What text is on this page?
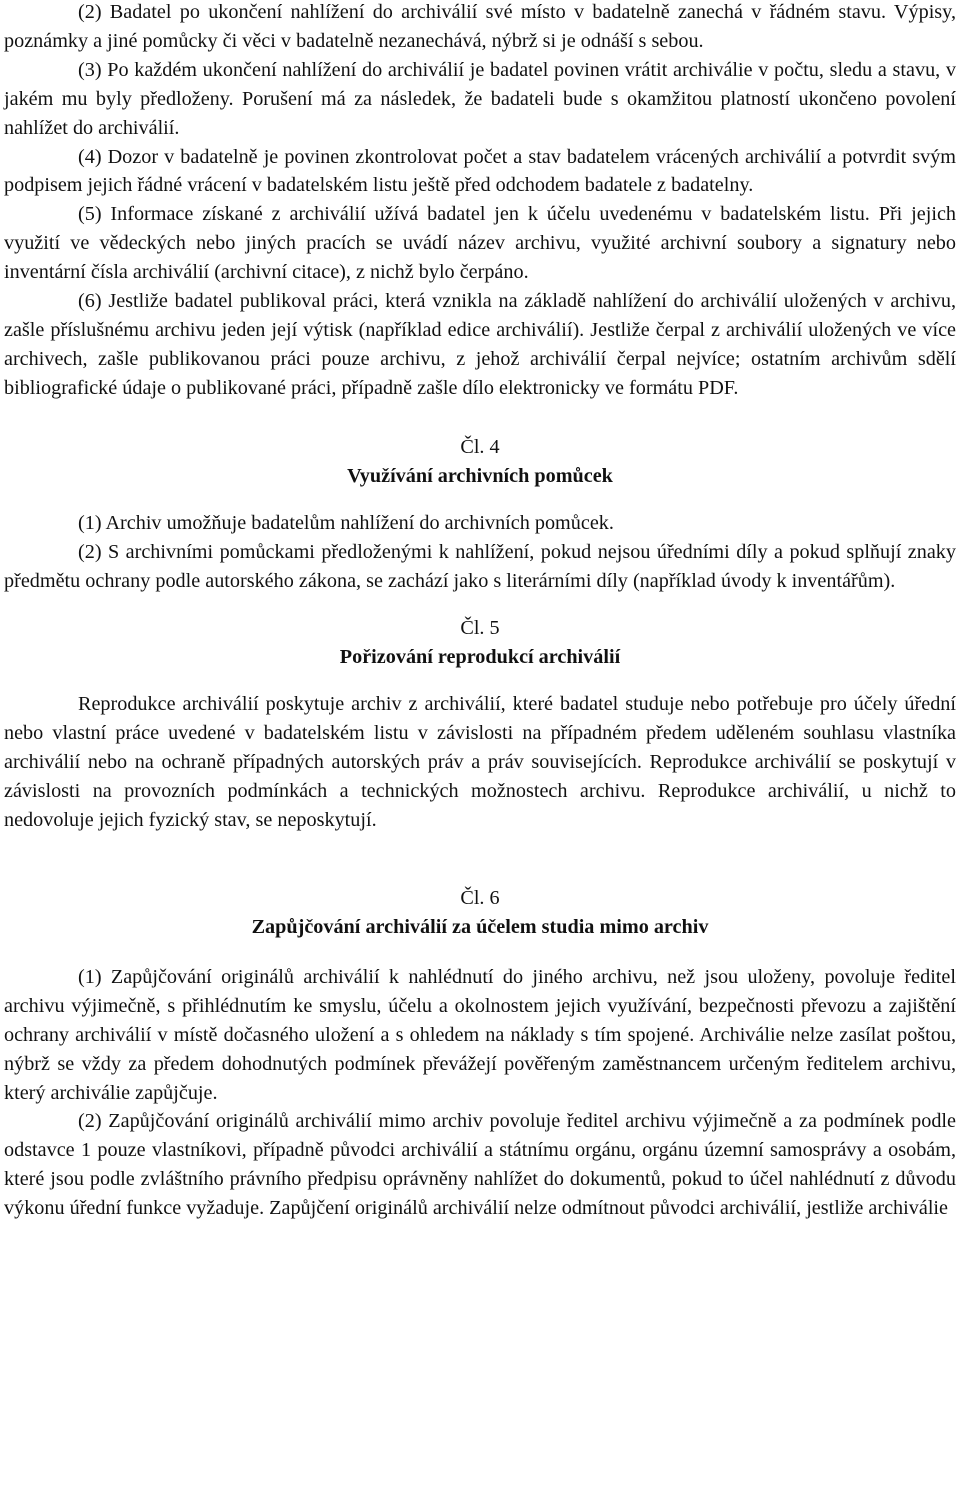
(2) Badatel po ukončení nahlížení do archiválií své místo v badatelně zanechá v řádném stavu. Výpisy, poznámky a jiné pomůcky či věci v badatelně nezanechává, nýbrž si je odnáší s sebou.

(3) Po každém ukončení nahlížení do archiválií je badatel povinen vrátit archiválie v počtu, sledu a stavu, v jakém mu byly předloženy. Porušení má za následek, že badateli bude s okamžitou platností ukončeno povolení nahlížet do archiválií.

(4) Dozor v badatelně je povinen zkontrolovat počet a stav badatelem vrácených archiválií a potvrdit svým podpisem jejich řádné vrácení v badatelském listu ještě před odchodem badatele z badatelny.

(5) Informace získané z archiválií užívá badatel jen k účelu uvedenému v badatelském listu. Při jejich využití ve vědeckých nebo jiných pracích se uvádí název archivu, využité archivní soubory a signatury nebo inventární čísla archiválií (archivní citace), z nichž bylo čerpáno.

(6) Jestliže badatel publikoval práci, která vznikla na základě nahlížení do archiválií uložených v archivu, zašle příslušnému archivu jeden její výtisk (například edice archiválií). Jestliže čerpal z archiválií uložených ve více archivech, zašle publikovanou práci pouze archivu, z jehož archiválií čerpal nejvíce; ostatním archivům sdělí bibliografické údaje o publikované práci, případně zašle dílo elektronicky ve formátu PDF.

Čl. 4
Využívání archivních pomůcek

(1) Archiv umožňuje badatelům nahlížení do archivních pomůcek.

(2) S archivními pomůckami předloženými k nahlížení, pokud nejsou úředními díly a pokud splňují znaky předmětu ochrany podle autorského zákona, se zachází jako s literárními díly (například úvody k inventářům).

Čl. 5
Pořizování reprodukcí archiválií

Reprodukce archiválií poskytuje archiv z archiválií, které badatel studuje nebo potřebuje pro účely úřední nebo vlastní práce uvedené v badatelském listu v závislosti na případném předem uděleném souhlasu vlastníka archiválií nebo na ochraně případných autorských práv a práv souvisejících. Reprodukce archiválií se poskytují v závislosti na provozních podmínkách a technických možnostech archivu. Reprodukce archiválií, u nichž to nedovoluje jejich fyzický stav, se neposkytují.

Čl. 6
Zapůjčování archiválií za účelem studia mimo archiv

(1) Zapůjčování originálů archiválií k nahlédnutí do jiného archivu, než jsou uloženy, povoluje ředitel archivu výjimečně, s přihlédnutím ke smyslu, účelu a okolnostem jejich využívání, bezpečnosti převozu a zajištění ochrany archiválií v místě dočasného uložení a s ohledem na náklady s tím spojené. Archiválie nelze zasílat poštou, nýbrž se vždy za předem dohodnutých podmínek převážejí pověřeným zaměstnancem určeným ředitelem archivu, který archiválie zapůjčuje.

(2) Zapůjčování originálů archiválií mimo archiv povoluje ředitel archivu výjimečně a za podmínek podle odstavce 1 pouze vlastníkovi, případně původci archiválií a státnímu orgánu, orgánu územní samosprávy a osobám, které jsou podle zvláštního právního předpisu oprávněny nahlížet do dokumentů, pokud to účel nahlédnutí z důvodu výkonu úřední funkce vyžaduje. Zapůjčení originálů archiválií nelze odmítnout původci archiválií, jestliže archiválie
